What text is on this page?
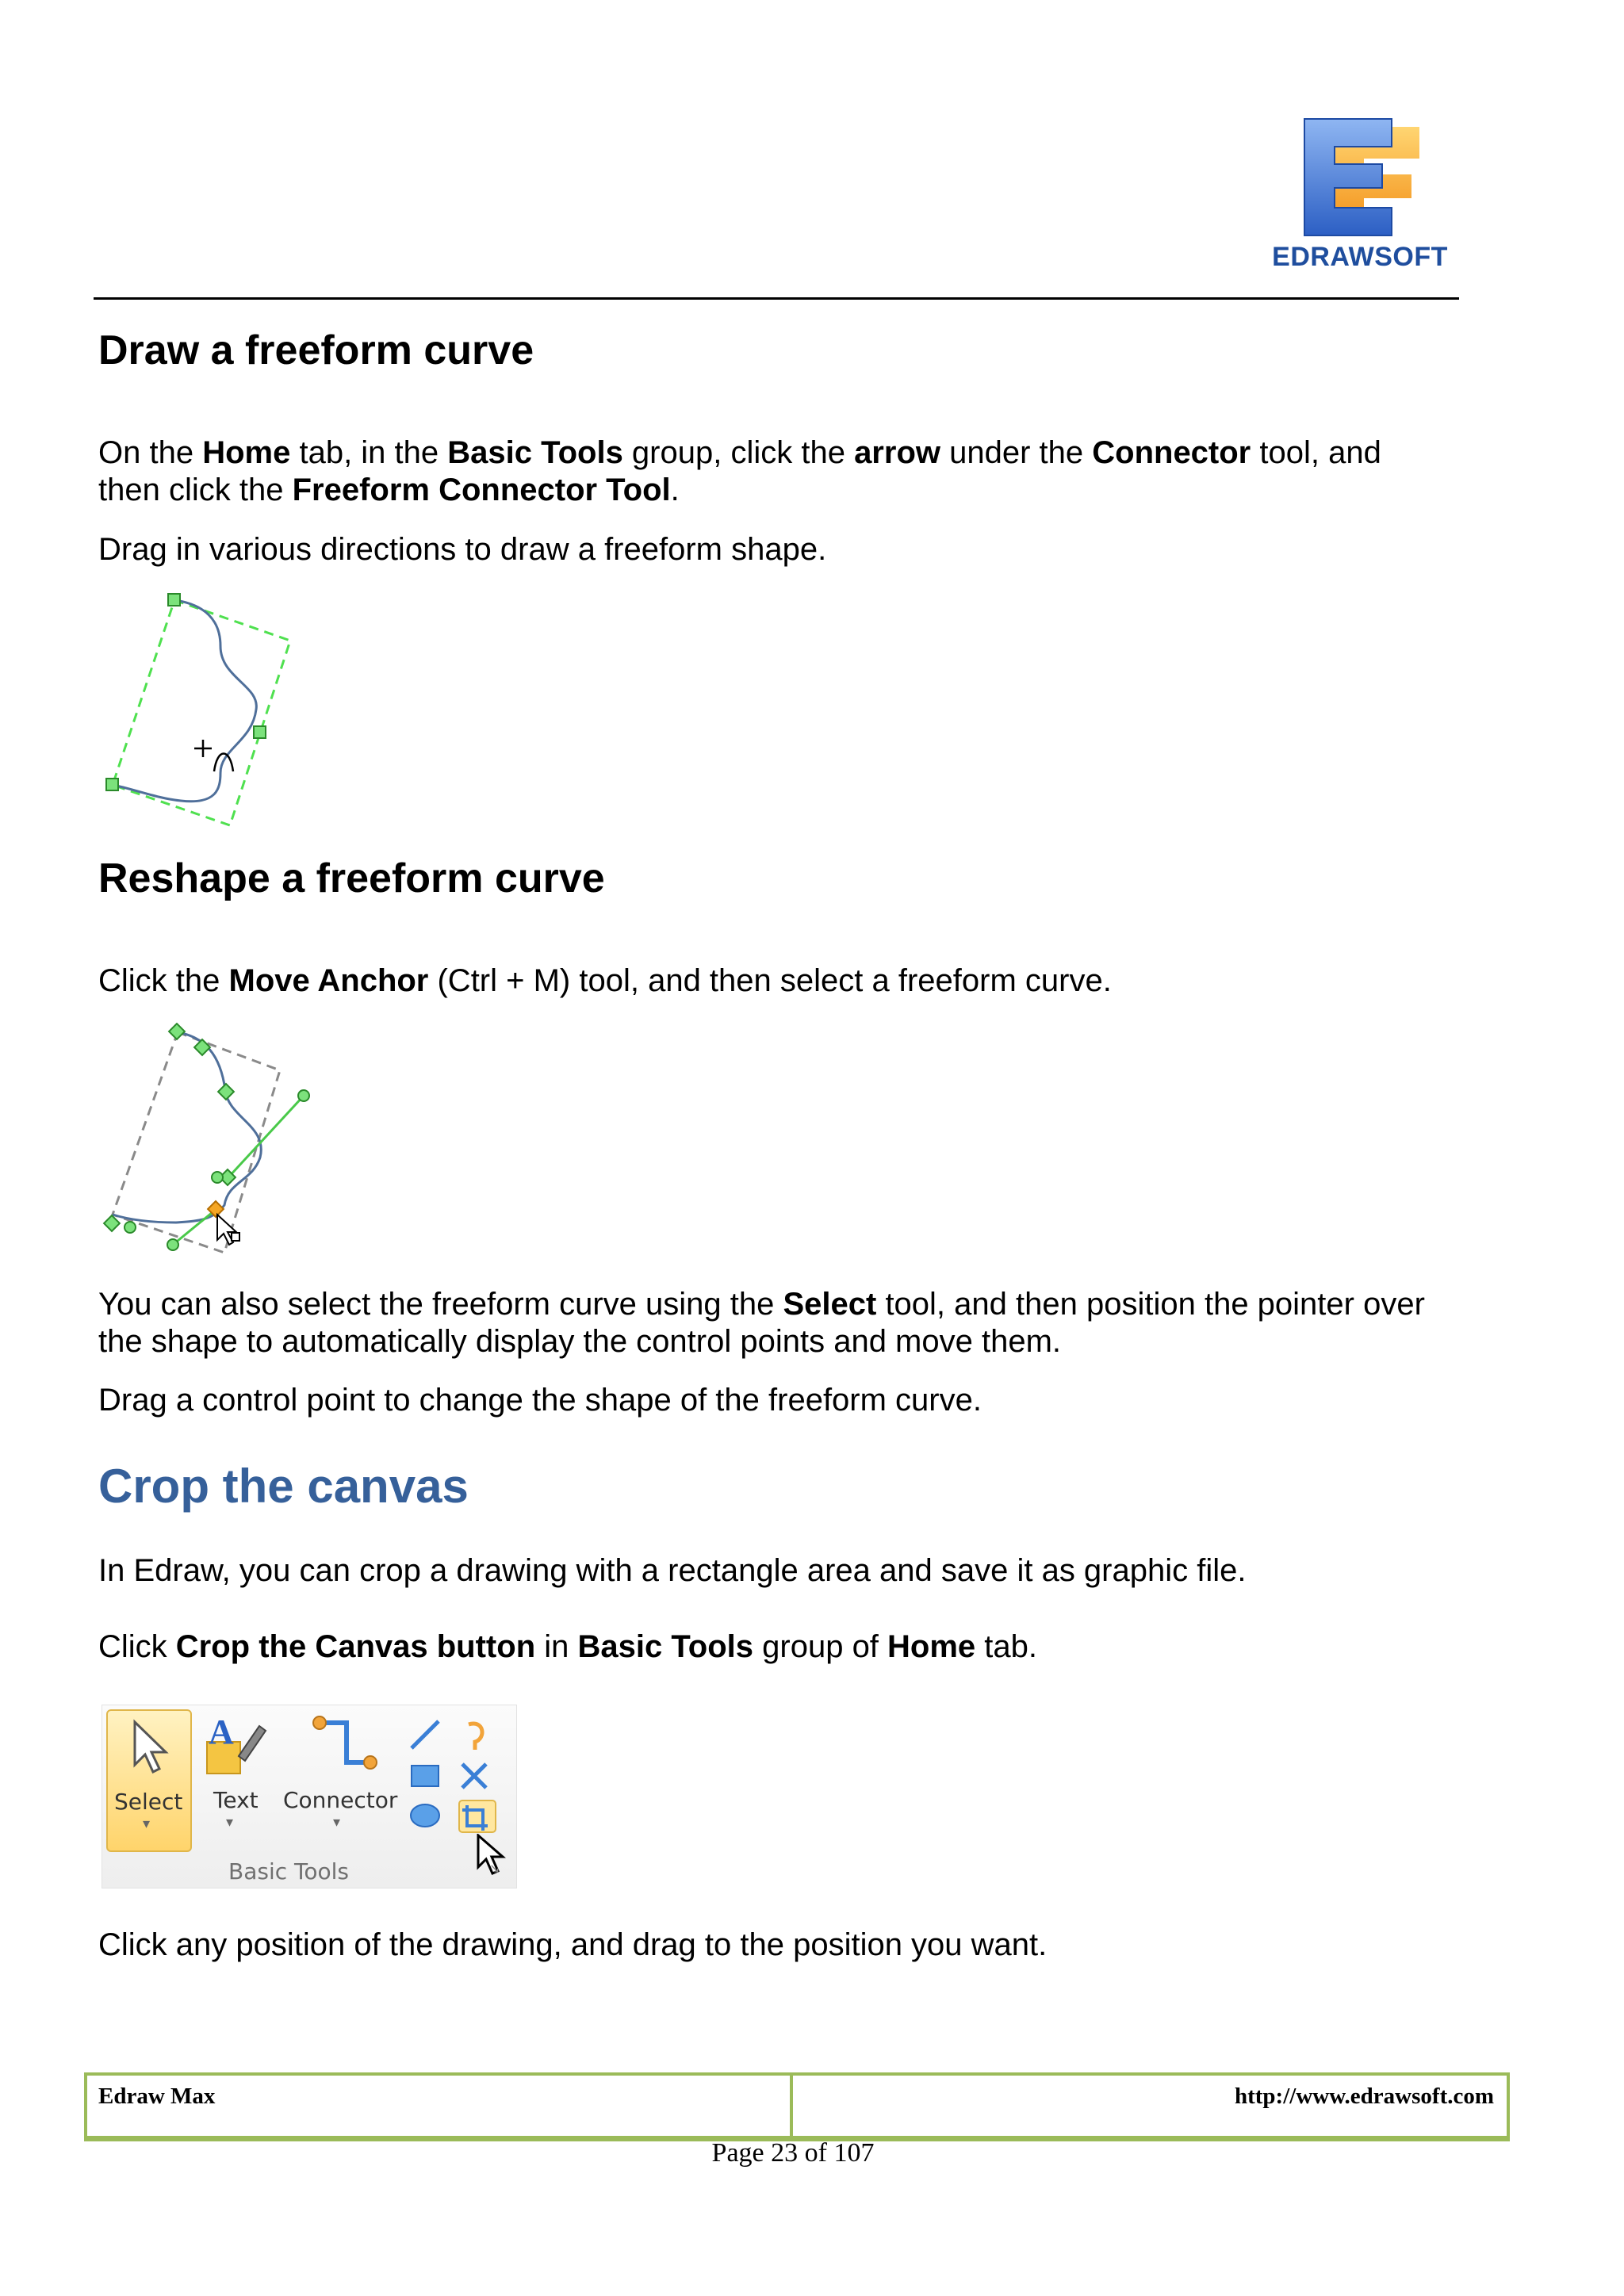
EDRAWSOFT
Draw a freeform curve

On the Home tab, in the Basic Tools group, click the arrow under the Connector tool, and
then click the Freeform Connector Tool.

Drag in various directions to draw a freeform shape.

Reshape a freeform curve

Click the Move Anchor (Ctrl + M) tool, and then select a freeform curve.

You can also select the freeform curve using the Select tool, and then position the pointer over
the shape to automatically display the control points and move them.

Drag a control point to change the shape of the freeform curve.

Crop the canvas

In Edraw, you can crop a drawing with a rectangle area and save it as graphic file.

Click Crop the Canvas button in Basic Tools group of Home tab.

Select
▾
A
Text
▾
Connector
▾
Basic Tools	↘

Click any position of the drawing, and drag to the position you want.

Edraw Max	http://www.edrawsoft.com
Page 23 of 107
